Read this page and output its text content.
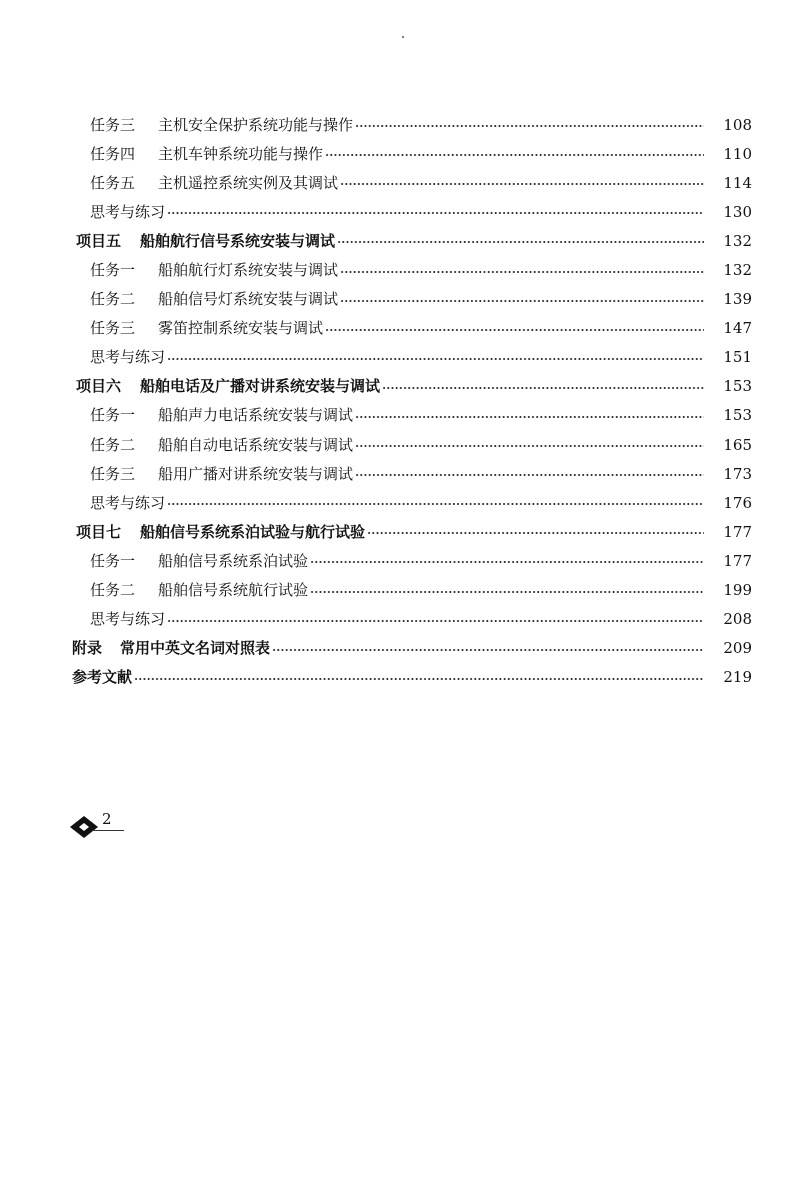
任务三	主机安全保护系统功能与操作	108
任务四	主机车钟系统功能与操作	110
任务五	主机遥控系统实例及其调试	114
思考与练习	130
项目五	船舶航行信号系统安装与调试	132
任务一	船舶航行灯系统安装与调试	132
任务二	船舶信号灯系统安装与调试	139
任务三	雾笛控制系统安装与调试	147
思考与练习	151
项目六	船舶电话及广播对讲系统安装与调试	153
任务一	船舶声力电话系统安装与调试	153
任务二	船舶自动电话系统安装与调试	165
任务三	船用广播对讲系统安装与调试	173
思考与练习	176
项目七	船舶信号系统系泊试验与航行试验	177
任务一	船舶信号系统系泊试验	177
任务二	船舶信号系统航行试验	199
思考与练习	208
附录	常用中英文名词对照表	209
参考文献	219
2
